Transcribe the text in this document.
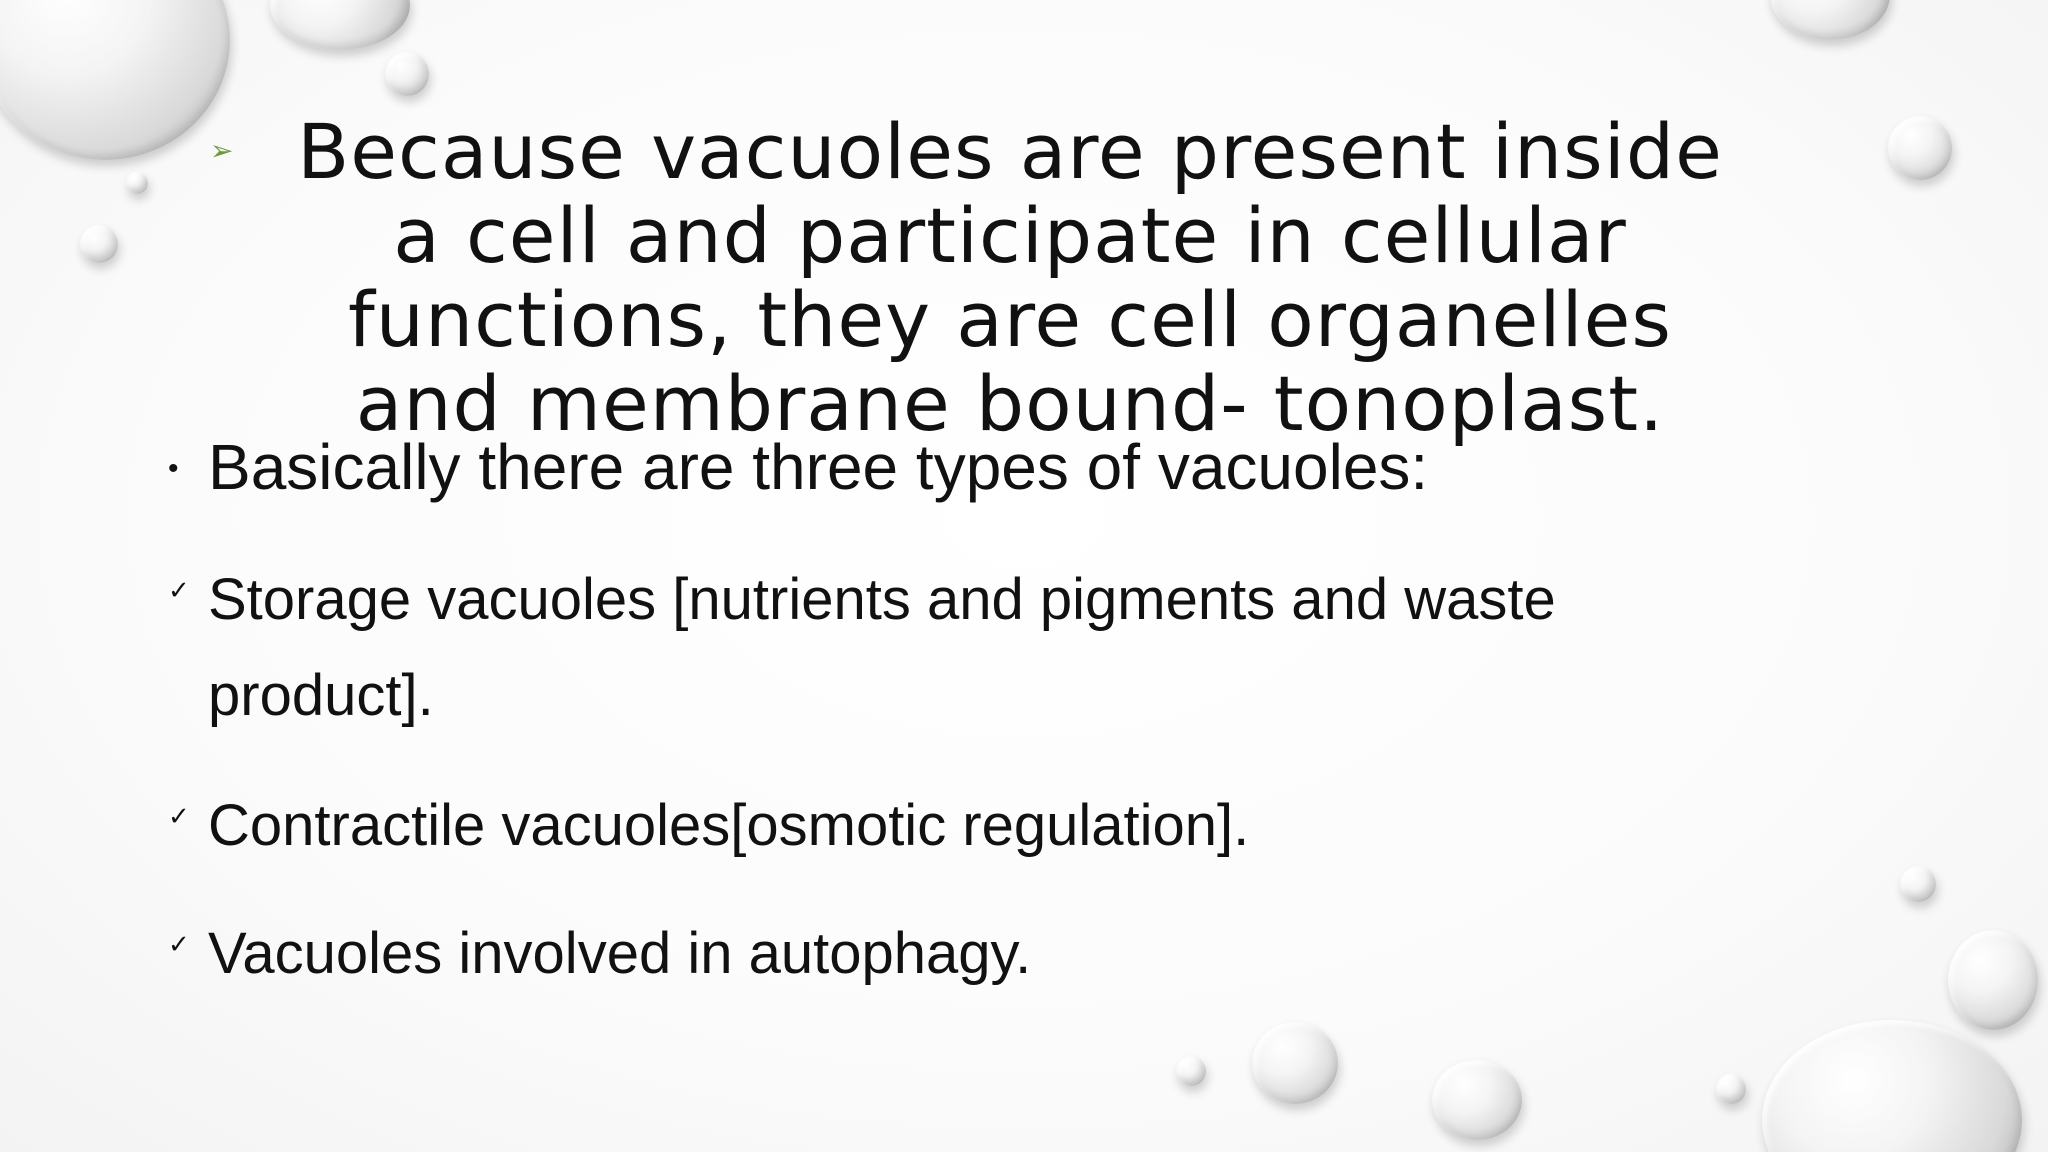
➢ Because vacuoles are present inside a cell and participate in cellular functions, they are cell organelles and membrane bound- tonoplast.

• Basically there are three types of vacuoles:
✓ Storage vacuoles [nutrients and pigments and waste
product].
✓ Contractile vacuoles[osmotic regulation].
✓ Vacuoles involved in autophagy.
